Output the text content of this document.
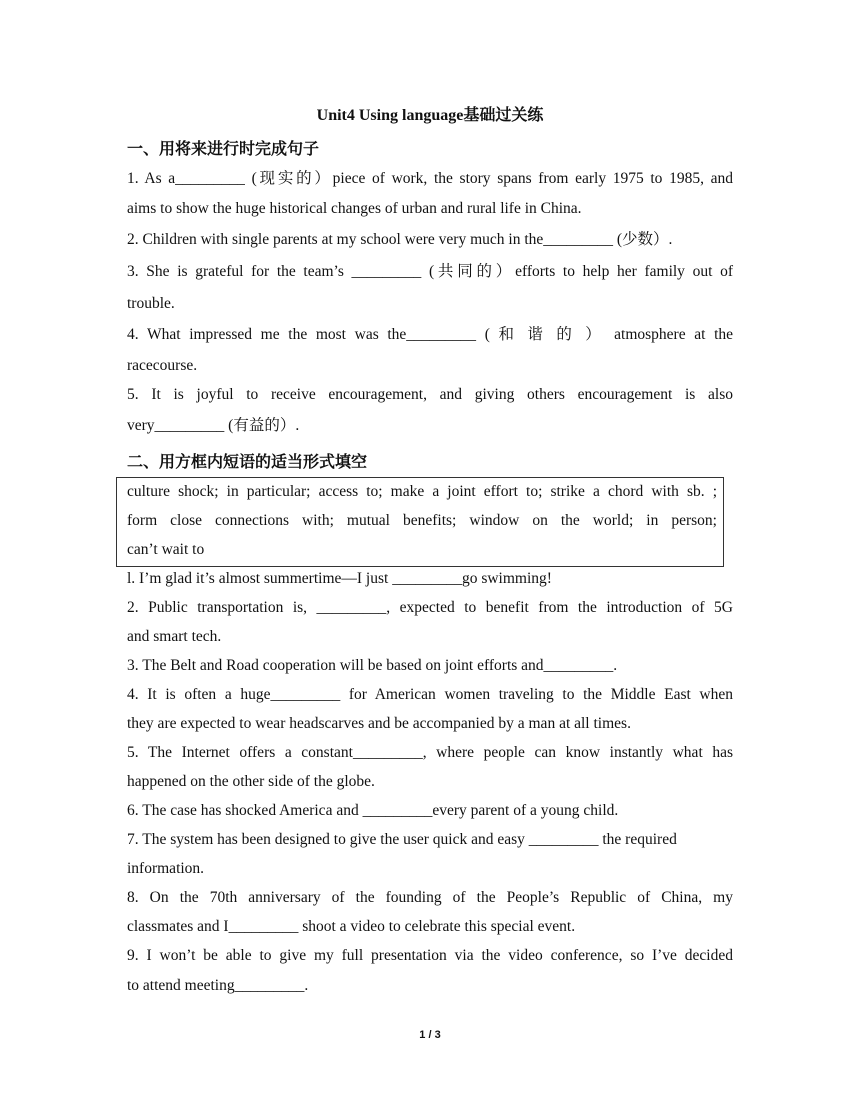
Unit4 Using language基础过关练
一、用将来进行时完成句子
1. As a_________ (现实的）piece of work, the story spans from early 1975 to 1985, and
aims to show the huge historical changes of urban and rural life in China.
2. Children with single parents at my school were very much in the_________ (少数）.
3. She is grateful for the team’s _________ (共同的）efforts to help her family out of
trouble.
4. What impressed me the most was the_________ ( 和 谐 的 ） atmosphere at the
racecourse.
5. It is joyful to receive encouragement, and giving others encouragement is also
very_________ (有益的）.
二、用方框内短语的适当形式填空
culture shock; in particular; access to; make a joint effort to; strike a chord with sb. ;
form close connections with; mutual benefits; window on the world; in person;
can’t wait to
l. I’m glad it’s almost summertime—I just _________go swimming!
2. Public transportation is, _________, expected to benefit from the introduction of 5G
and smart tech.
3. The Belt and Road cooperation will be based on joint efforts and_________.
4. It is often a huge_________ for American women traveling to the Middle East when
they are expected to wear headscarves and be accompanied by a man at all times.
5. The Internet offers a constant_________, where people can know instantly what has
happened on the other side of the globe.
6. The case has shocked America and _________every parent of a young child.
7. The system has been designed to give the user quick and easy _________ the required
information.
8. On the 70th anniversary of the founding of the People’s Republic of China, my
classmates and I_________ shoot a video to celebrate this special event.
9. I won’t be able to give my full presentation via the video conference, so I’ve decided
to attend meeting_________.
1 / 3
